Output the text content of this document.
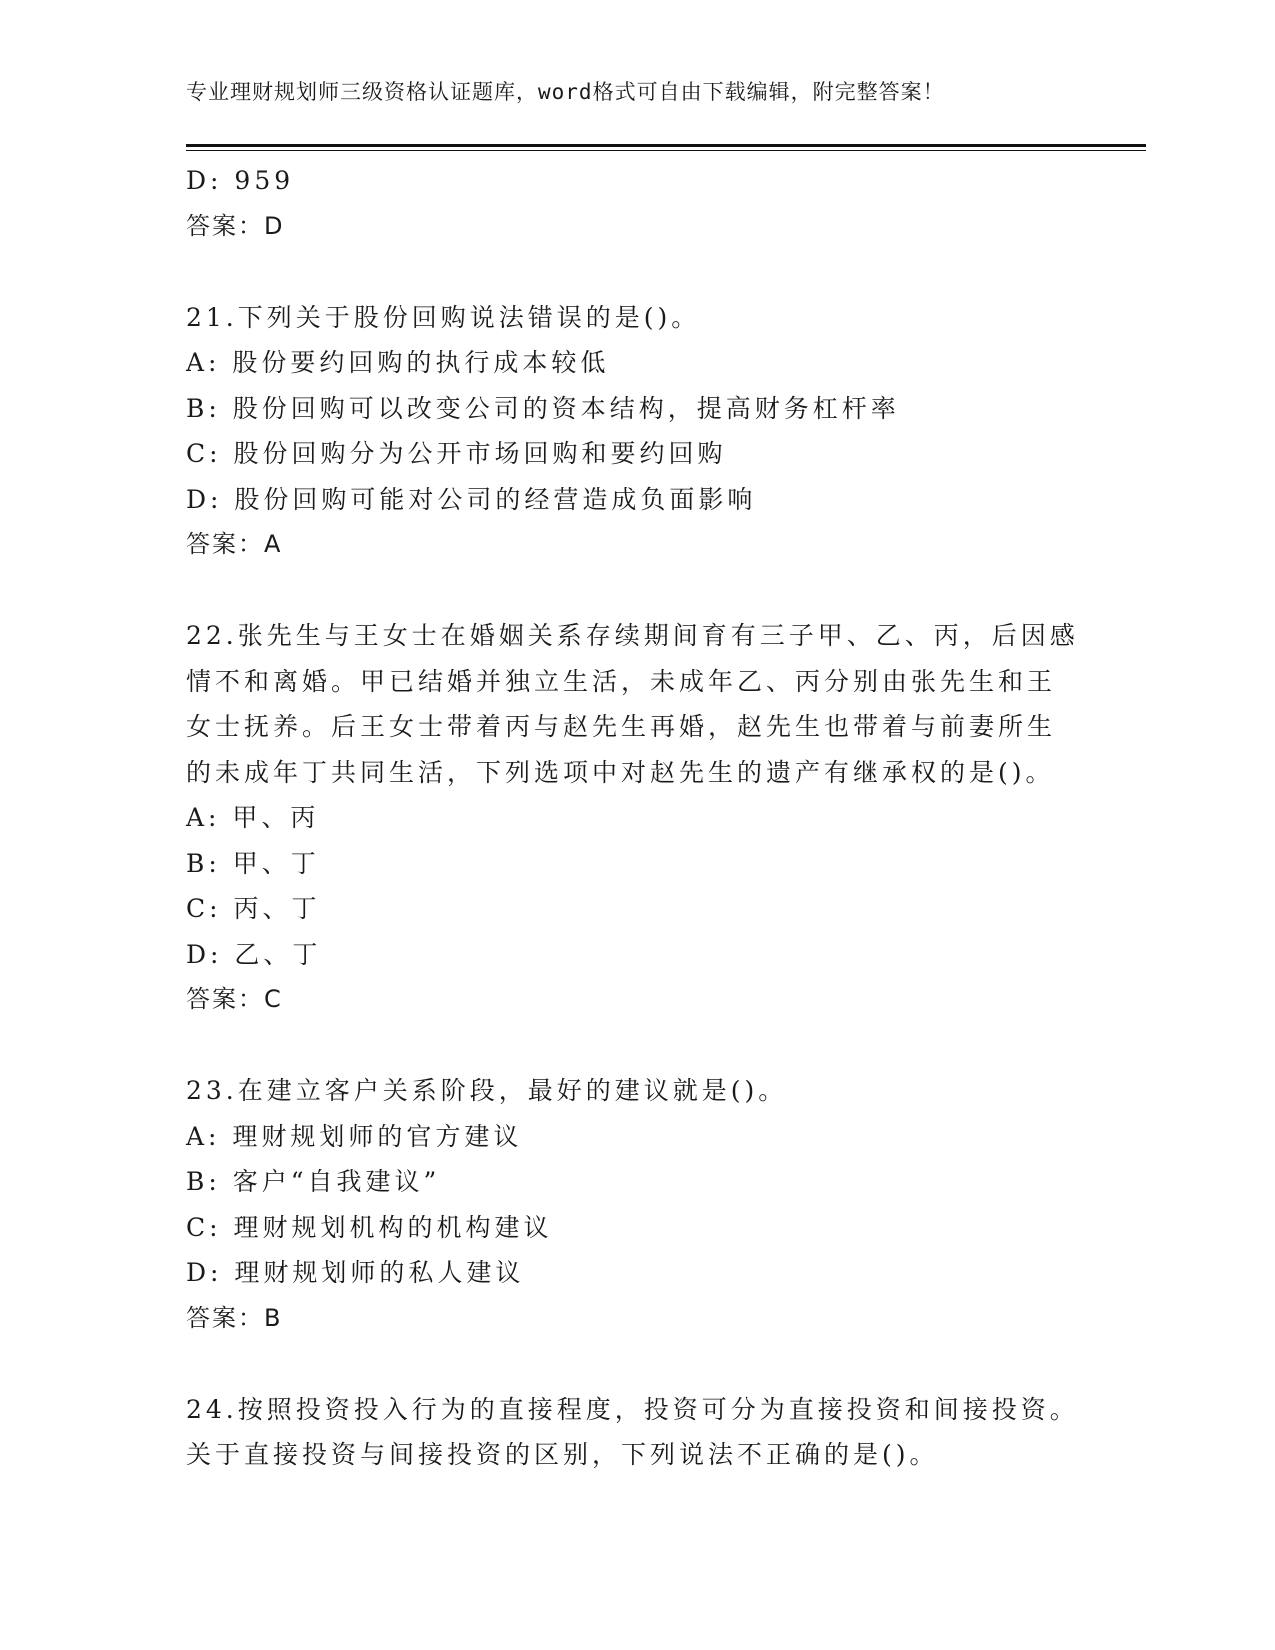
专业理财规划师三级资格认证题库，word格式可自由下载编辑，附完整答案！
D: 959
答案：D
21.下列关于股份回购说法错误的是()。
A: 股份要约回购的执行成本较低
B: 股份回购可以改变公司的资本结构，提高财务杠杆率
C: 股份回购分为公开市场回购和要约回购
D: 股份回购可能对公司的经营造成负面影响
答案：A
22.张先生与王女士在婚姻关系存续期间育有三子甲、乙、丙，后因感
情不和离婚。甲已结婚并独立生活，未成年乙、丙分别由张先生和王
女士抚养。后王女士带着丙与赵先生再婚，赵先生也带着与前妻所生
的未成年丁共同生活，下列选项中对赵先生的遗产有继承权的是()。
A: 甲、丙
B: 甲、丁
C: 丙、丁
D: 乙、丁
答案：C
23.在建立客户关系阶段，最好的建议就是()。
A: 理财规划师的官方建议
B: 客户“自我建议”
C: 理财规划机构的机构建议
D: 理财规划师的私人建议
答案：B
24.按照投资投入行为的直接程度，投资可分为直接投资和间接投资。
关于直接投资与间接投资的区别，下列说法不正确的是()。
